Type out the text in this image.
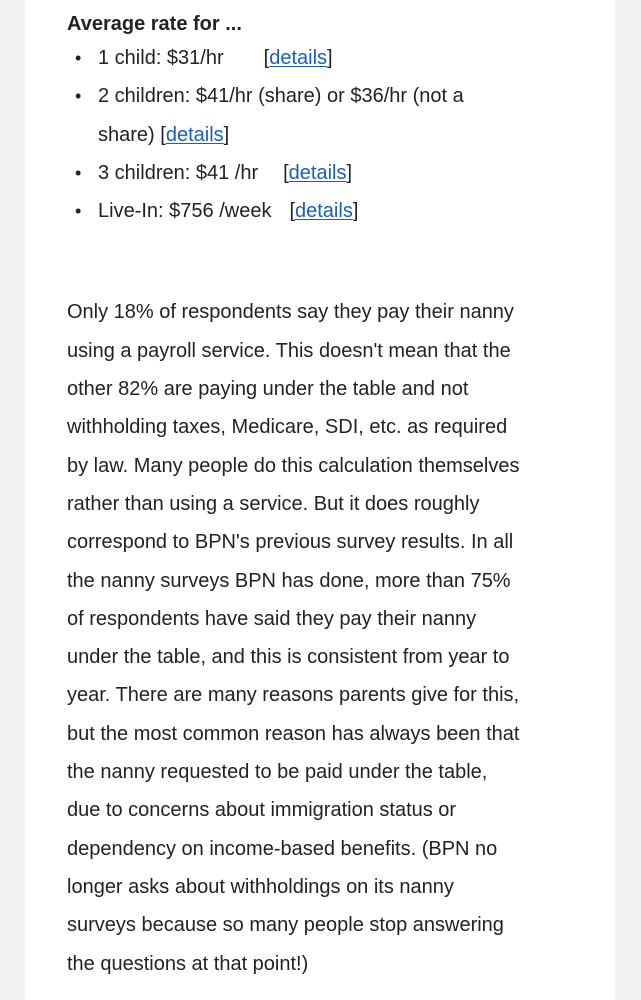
Average rate for ...

• 1 child: $31/hr [details]
• 2 children: $41/hr (share) or $36/hr (not a
share) [details]
• 3 children: $41 /hr [details]
• Live-In: $756 /week [details]

Only 18% of respondents say they pay their nanny
using a payroll service. This doesn't mean that the
other 82% are paying under the table and not
withholding taxes, Medicare, SDI, etc. as required
by law. Many people do this calculation themselves
rather than using a service. But it does roughly
correspond to BPN's previous survey results. In all
the nanny surveys BPN has done, more than 75%
of respondents have said they pay their nanny
under the table, and this is consistent from year to
year. There are many reasons parents give for this,
but the most common reason has always been that
the nanny requested to be paid under the table,
due to concerns about immigration status or
dependency on income-based benefits. (BPN no
longer asks about withholdings on its nanny
surveys because so many people stop answering
the questions at that point!)
